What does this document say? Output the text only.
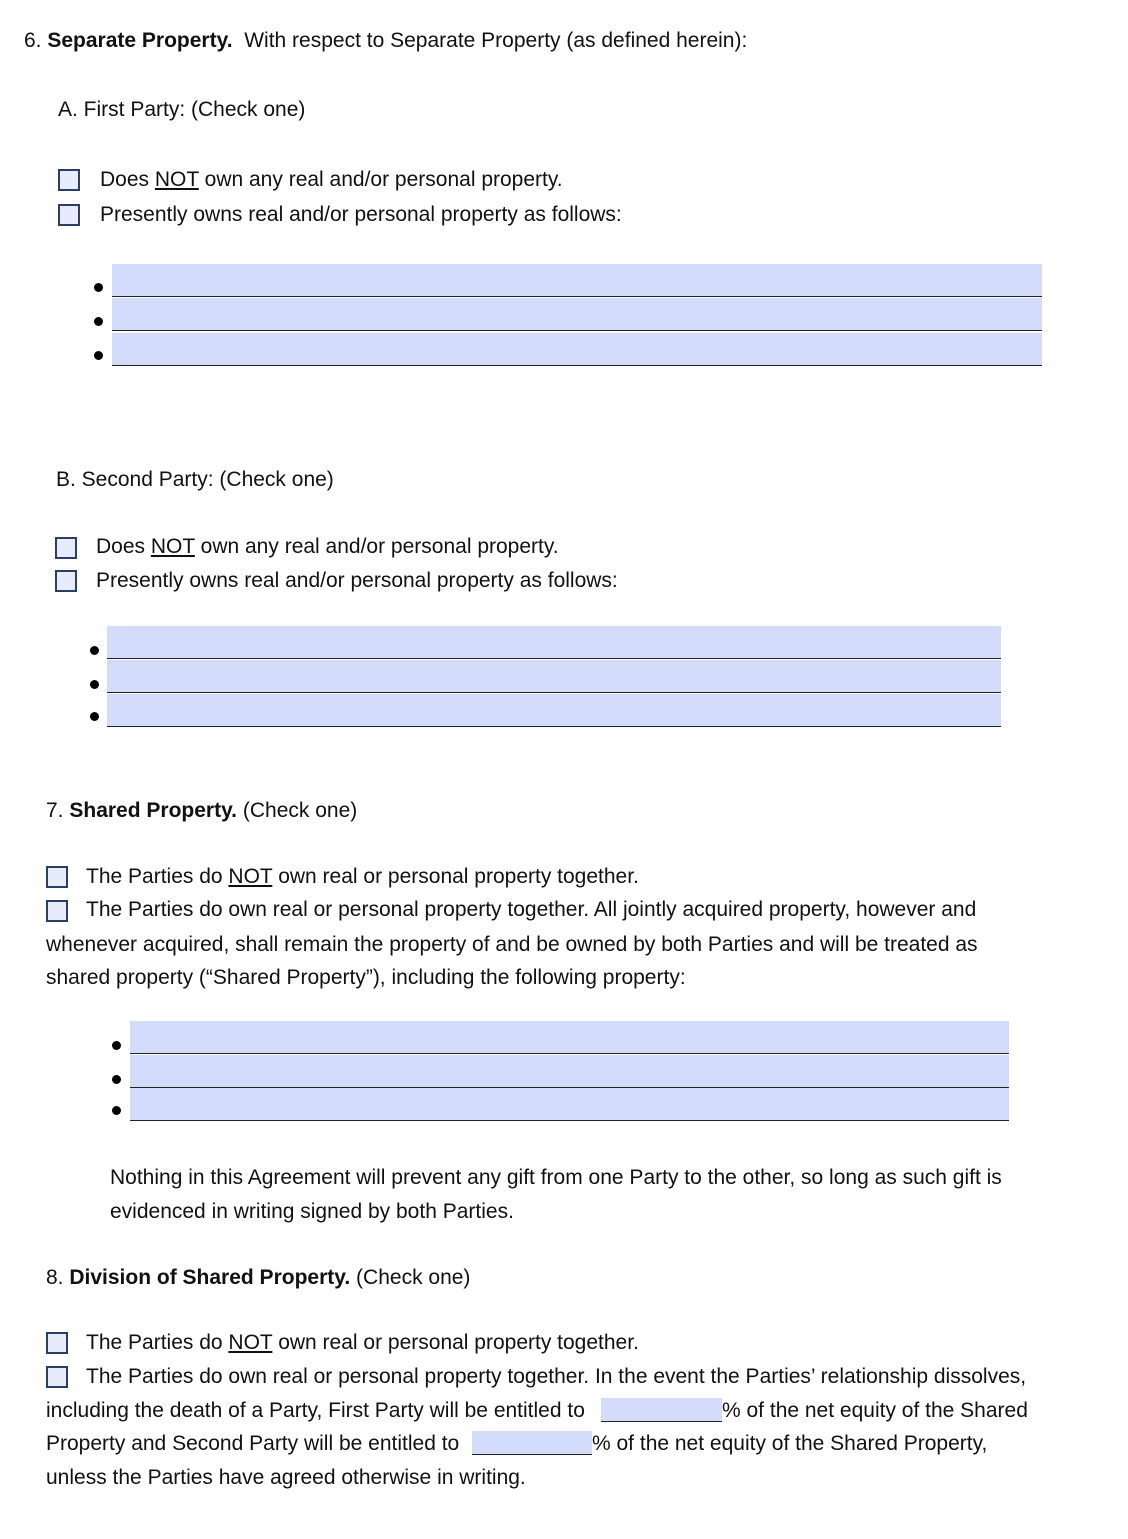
6. Separate Property. With respect to Separate Property (as defined herein):
A. First Party: (Check one)
Does NOT own any real and/or personal property.
Presently owns real and/or personal property as follows:
B. Second Party: (Check one)
Does NOT own any real and/or personal property.
Presently owns real and/or personal property as follows:
7. Shared Property. (Check one)
The Parties do NOT own real or personal property together.
The Parties do own real or personal property together. All jointly acquired property, however and
whenever acquired, shall remain the property of and be owned by both Parties and will be treated as
shared property (“Shared Property”), including the following property:
Nothing in this Agreement will prevent any gift from one Party to the other, so long as such gift is
evidenced in writing signed by both Parties.
8. Division of Shared Property. (Check one)
The Parties do NOT own real or personal property together.
The Parties do own real or personal property together. In the event the Parties’ relationship dissolves,
including the death of a Party, First Party will be entitled to	% of the net equity of the Shared
Property and Second Party will be entitled to	% of the net equity of the Shared Property,
unless the Parties have agreed otherwise in writing.
